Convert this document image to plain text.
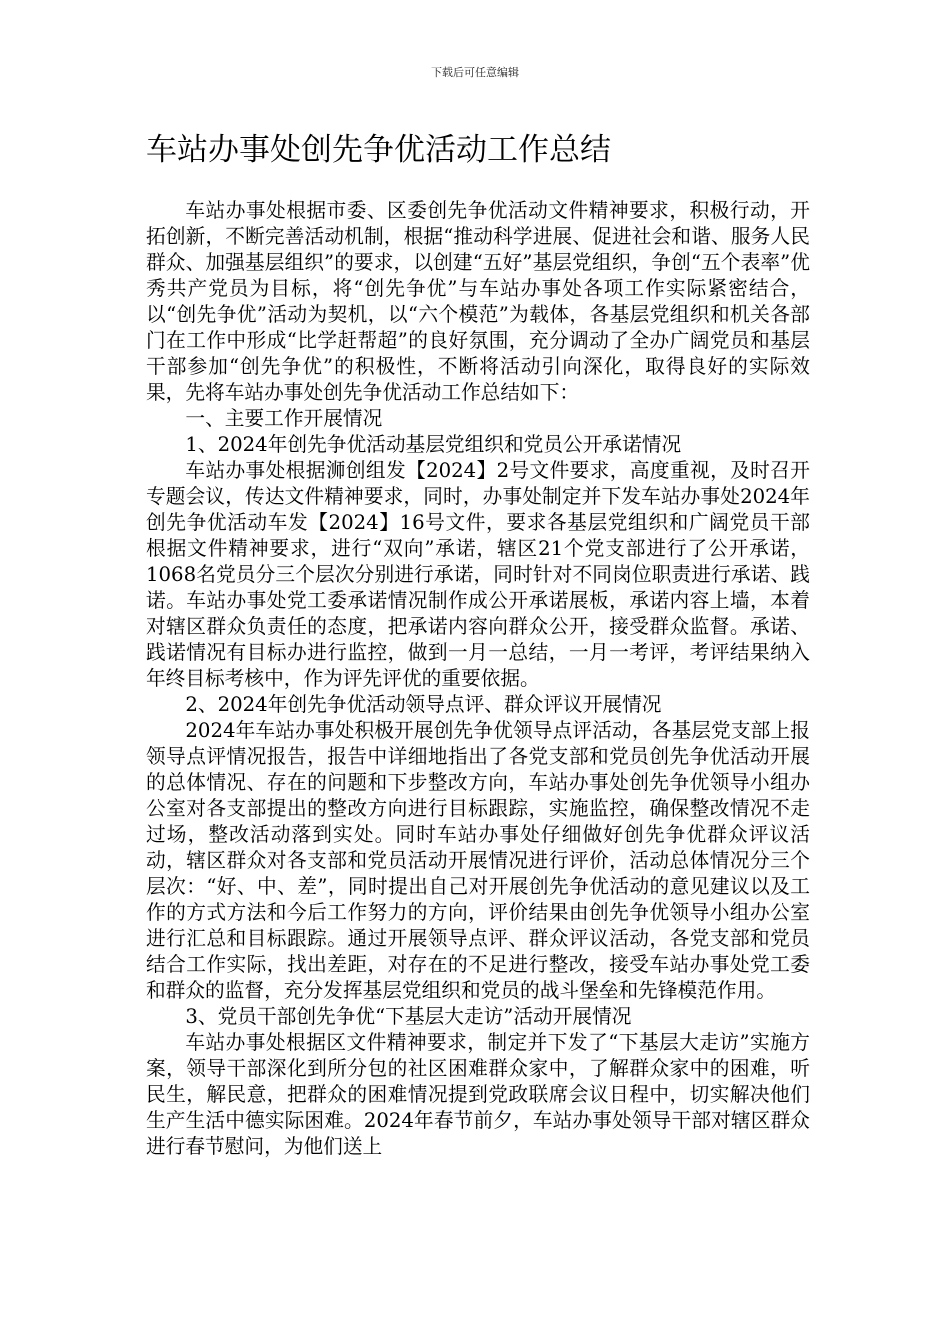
下载后可任意编辑
车站办事处创先争优活动工作总结

车站办事处根据市委、区委创先争优活动文件精神要求，积极行动，开拓创新，不断完善活动机制，根据“推动科学进展、促进社会和谐、服务人民群众、加强基层组织”的要求，以创建“五好”基层党组织，争创“五个表率”优秀共产党员为目标，将“创先争优”与车站办事处各项工作实际紧密结合，以“创先争优”活动为契机，以“六个模范”为载体，各基层党组织和机关各部门在工作中形成“比学赶帮超”的良好氛围，充分调动了全办广阔党员和基层干部参加“创先争优”的积极性，不断将活动引向深化，取得良好的实际效果，先将车站办事处创先争优活动工作总结如下：

一、主要工作开展情况

1、2024年创先争优活动基层党组织和党员公开承诺情况

车站办事处根据浉创组发【2024】2号文件要求，高度重视，及时召开专题会议，传达文件精神要求，同时，办事处制定并下发车站办事处2024年创先争优活动车发【2024】16号文件，要求各基层党组织和广阔党员干部根据文件精神要求，进行“双向”承诺，辖区21个党支部进行了公开承诺，1068名党员分三个层次分别进行承诺，同时针对不同岗位职责进行承诺、践诺。车站办事处党工委承诺情况制作成公开承诺展板，承诺内容上墙，本着对辖区群众负责任的态度，把承诺内容向群众公开，接受群众监督。承诺、践诺情况有目标办进行监控，做到一月一总结，一月一考评，考评结果纳入年终目标考核中，作为评先评优的重要依据。

2、2024年创先争优活动领导点评、群众评议开展情况

2024年车站办事处积极开展创先争优领导点评活动，各基层党支部上报领导点评情况报告，报告中详细地指出了各党支部和党员创先争优活动开展的总体情况、存在的问题和下步整改方向，车站办事处创先争优领导小组办公室对各支部提出的整改方向进行目标跟踪，实施监控，确保整改情况不走过场，整改活动落到实处。同时车站办事处仔细做好创先争优群众评议活动，辖区群众对各支部和党员活动开展情况进行评价，活动总体情况分三个层次：“好、中、差”，同时提出自己对开展创先争优活动的意见建议以及工作的方式方法和今后工作努力的方向，评价结果由创先争优领导小组办公室进行汇总和目标跟踪。通过开展领导点评、群众评议活动，各党支部和党员结合工作实际，找出差距，对存在的不足进行整改，接受车站办事处党工委和群众的监督，充分发挥基层党组织和党员的战斗堡垒和先锋模范作用。

3、党员干部创先争优“下基层大走访”活动开展情况

车站办事处根据区文件精神要求，制定并下发了“下基层大走访”实施方案，领导干部深化到所分包的社区困难群众家中，了解群众家中的困难，听民生，解民意，把群众的困难情况提到党政联席会议日程中，切实解决他们生产生活中德实际困难。2024年春节前夕，车站办事处领导干部对辖区群众进行春节慰问，为他们送上
